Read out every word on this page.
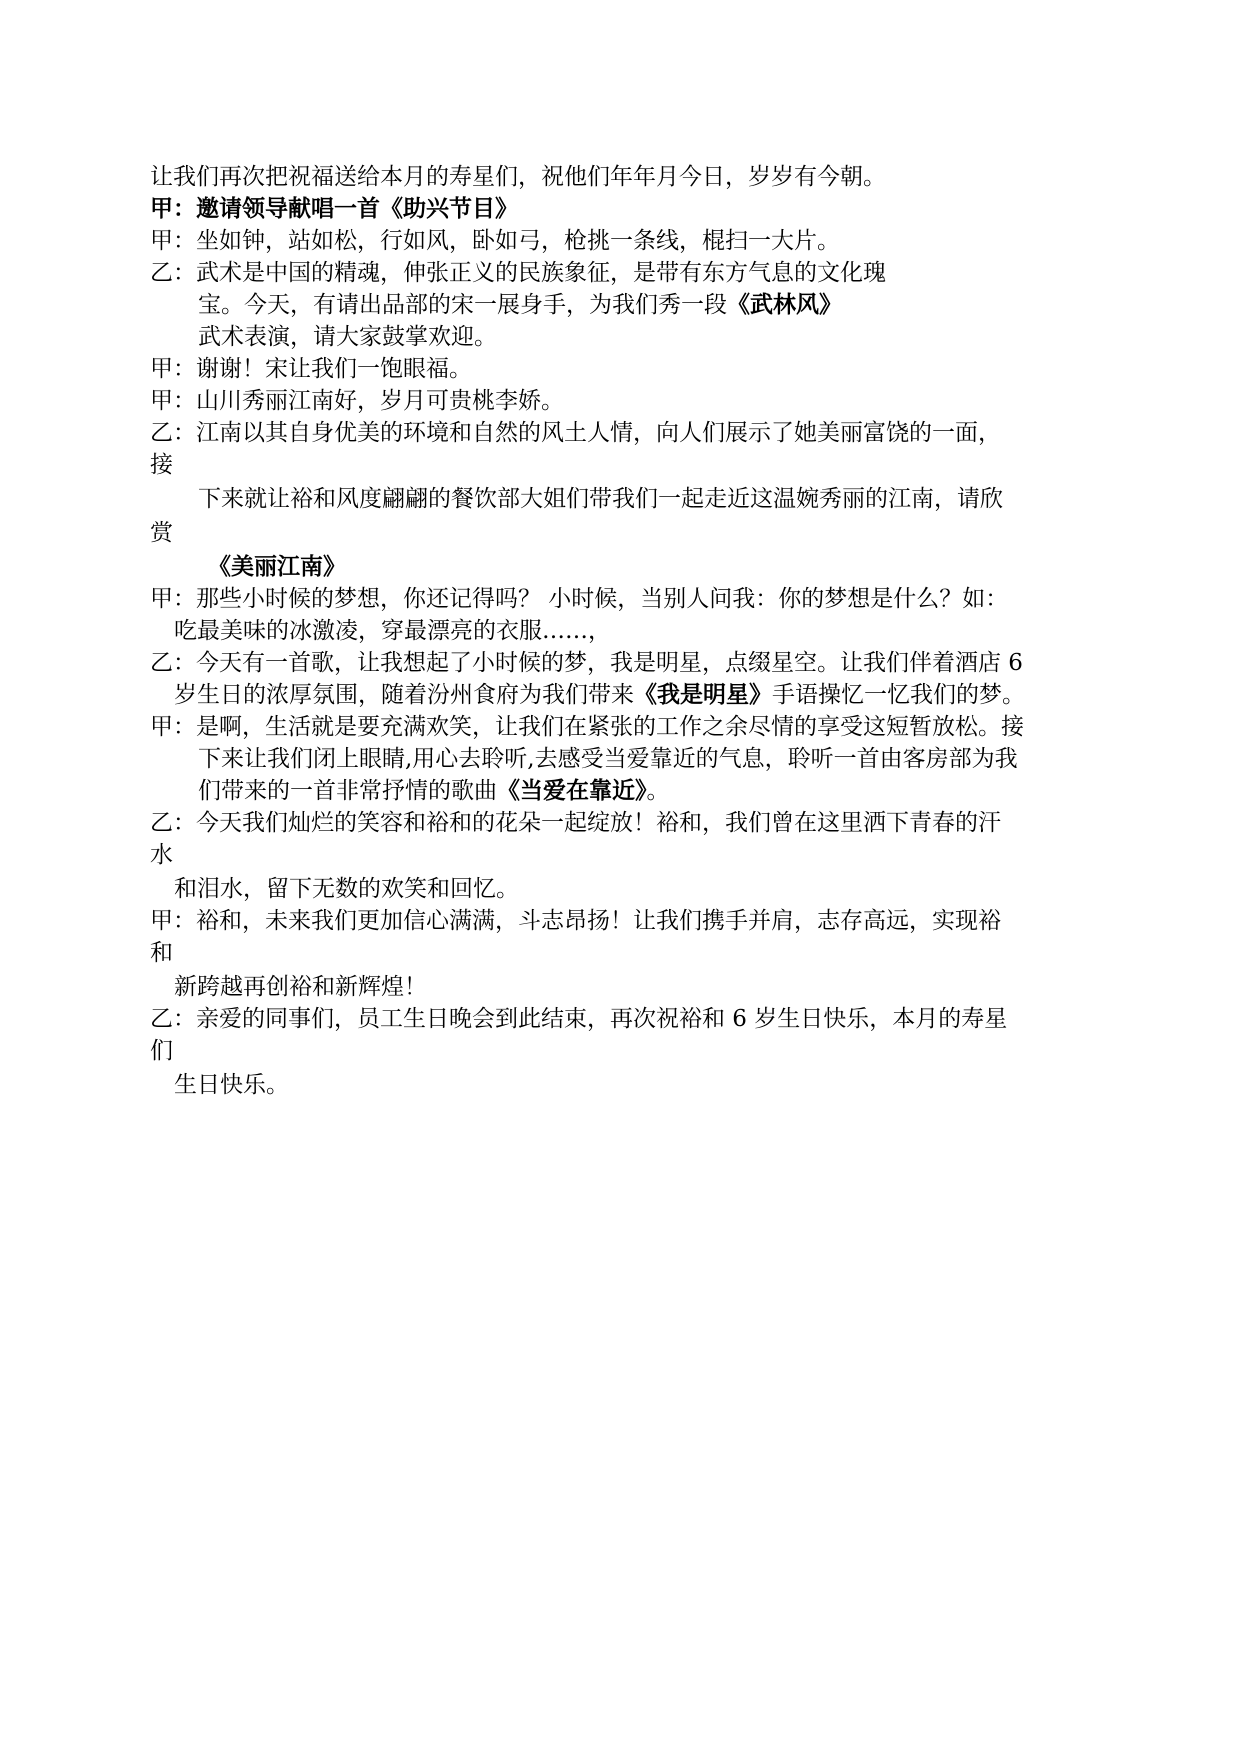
让我们再次把祝福送给本月的寿星们，祝他们年年月今日，岁岁有今朝。
甲：邀请领导献唱一首《助兴节目》
甲：坐如钟，站如松，行如风，卧如弓，枪挑一条线，棍扫一大片。
乙：武术是中国的精魂，伸张正义的民族象征，是带有东方气息的文化瑰
宝。今天，有请出品部的宋一展身手，为我们秀一段《武林风》
武术表演，请大家鼓掌欢迎。
甲：谢谢！宋让我们一饱眼福。
甲：山川秀丽江南好，岁月可贵桃李娇。
乙：江南以其自身优美的环境和自然的风土人情，向人们展示了她美丽富饶的一面，
接
下来就让裕和风度翩翩的餐饮部大姐们带我们一起走近这温婉秀丽的江南，请欣
赏
《美丽江南》
甲：那些小时候的梦想，你还记得吗？ 小时候，当别人问我：你的梦想是什么？如：
吃最美味的冰激凌，穿最漂亮的衣服……，
乙：今天有一首歌，让我想起了小时候的梦，我是明星，点缀星空。让我们伴着酒店 6
岁生日的浓厚氛围，随着汾州食府为我们带来《我是明星》手语操忆一忆我们的梦。
甲：是啊，生活就是要充满欢笑，让我们在紧张的工作之余尽情的享受这短暂放松。接
下来让我们闭上眼睛,用心去聆听,去感受当爱靠近的气息，聆听一首由客房部为我
们带来的一首非常抒情的歌曲《当爱在靠近》。
乙：今天我们灿烂的笑容和裕和的花朵一起绽放！裕和，我们曾在这里洒下青春的汗
水
和泪水，留下无数的欢笑和回忆。
甲：裕和，未来我们更加信心满满，斗志昂扬！让我们携手并肩，志存高远，实现裕
和
新跨越再创裕和新辉煌！
乙：亲爱的同事们，员工生日晚会到此结束，再次祝裕和 6 岁生日快乐，本月的寿星
们
生日快乐。
